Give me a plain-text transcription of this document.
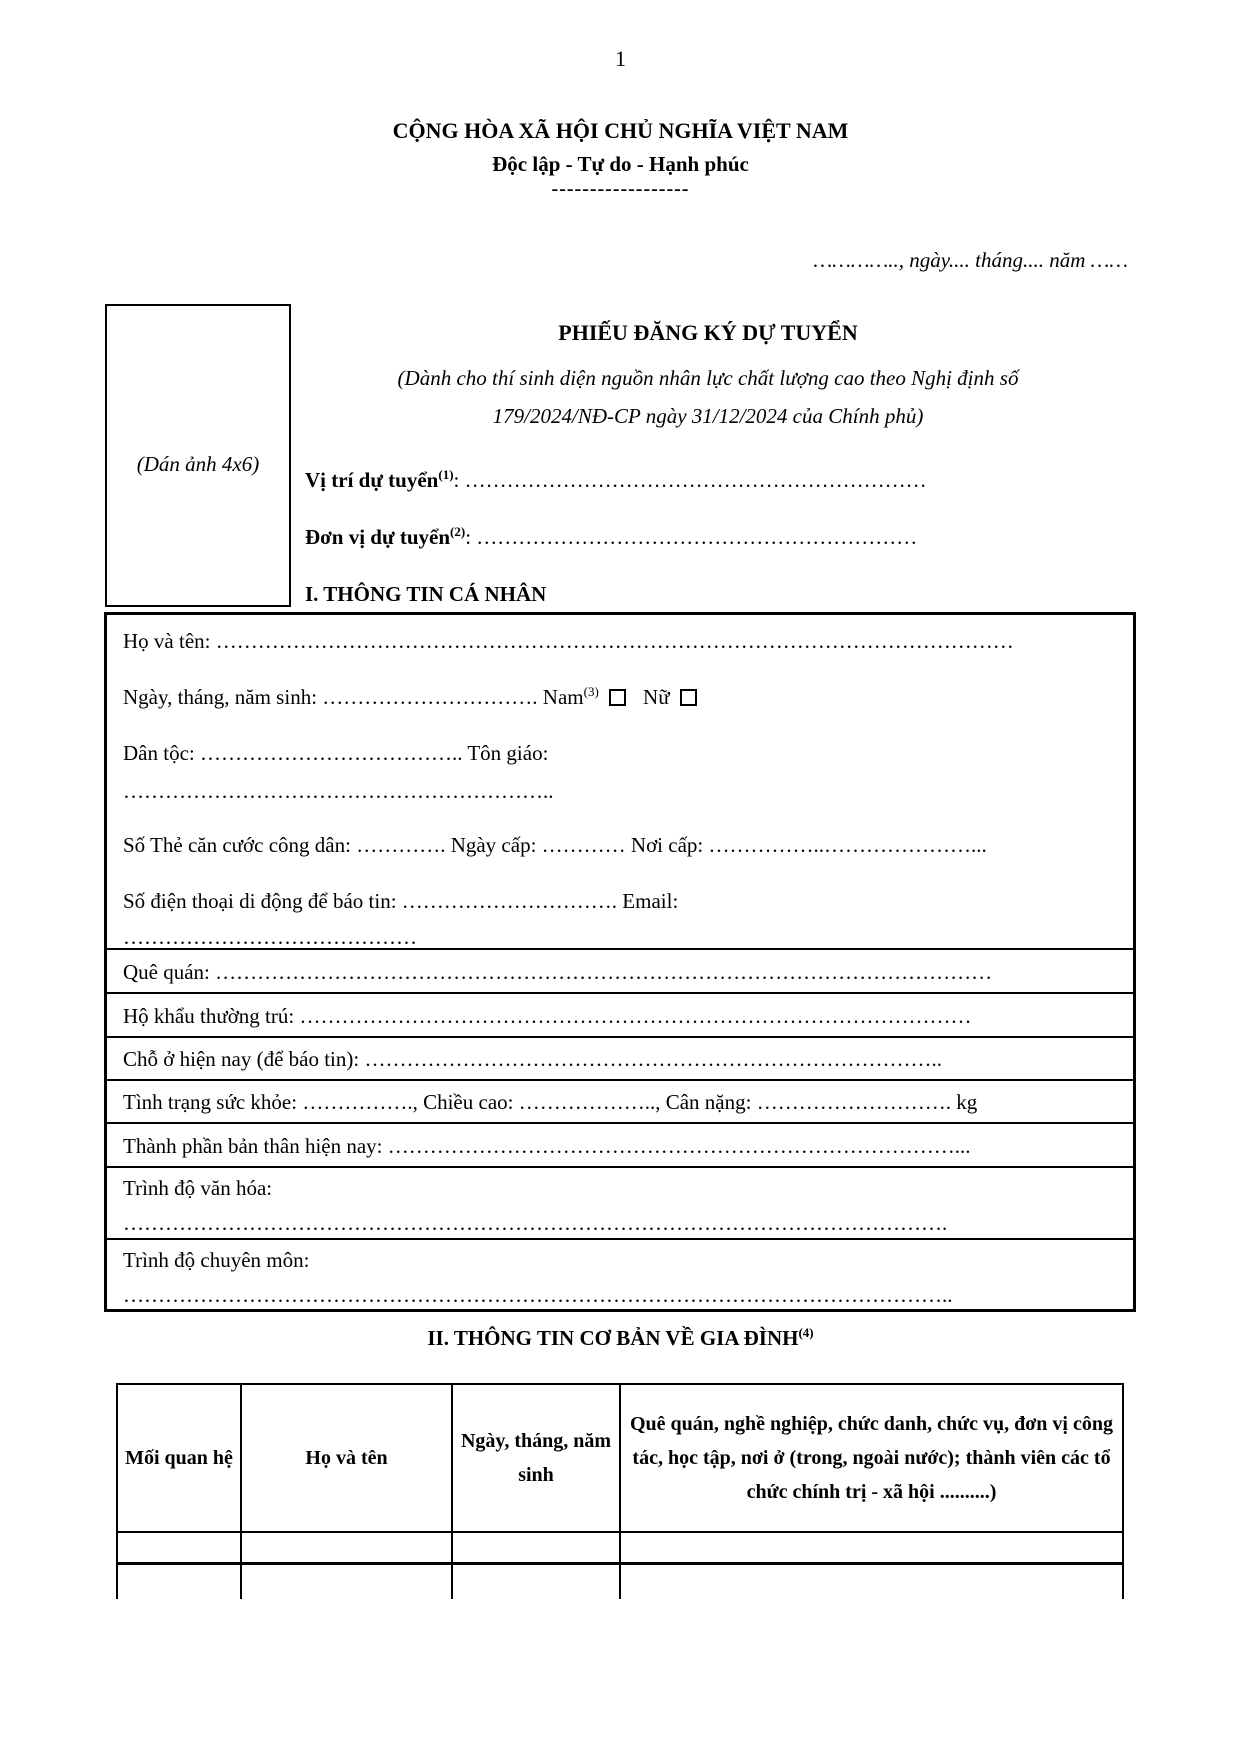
1
CỘNG HÒA XÃ HỘI CHỦ NGHĨA VIỆT NAM
Độc lập - Tự do - Hạnh phúc
------------------
………….., ngày.... tháng.... năm ……
(Dán ảnh 4x6)
PHIẾU ĐĂNG KÝ DỰ TUYỂN
(Dành cho thí sinh diện nguồn nhân lực chất lượng cao theo Nghị định số
179/2024/NĐ-CP ngày 31/12/2024 của Chính phủ)
Vị trí dự tuyển$^{(1)}$: …………………………………………………………
Đơn vị dự tuyển$^{(2)}$: ………………………………………………………
I. THÔNG TIN CÁ NHÂN
Họ và tên: ……………………………………………………………………………………………………
Ngày, tháng, năm sinh: …………………………. Nam$^{(3)}$ Nữ
Dân tộc: ……………………………….. Tôn giáo:
……………………………………………………..
Số Thẻ căn cước công dân: …………. Ngày cấp: ………… Nơi cấp: ……………..…………………...
Số điện thoại di động để báo tin: …………………………. Email:
……………………………………
Quê quán: …………………………………………………………………………………………………
Hộ khẩu thường trú: ……………………………………………………………………………………
Chỗ ở hiện nay (để báo tin): ………………………………………………………………………..
Tình trạng sức khỏe: ……………., Chiều cao: ……………….., Cân nặng: ………………………. kg
Thành phần bản thân hiện nay: ………………………………………………………………………...
Trình độ văn hóa:
……………………………………………………………………………………………………….
Trình độ chuyên môn:
………………………………………………………………………………………………………..
II. THÔNG TIN CƠ BẢN VỀ GIA ĐÌNH$^{(4)}$
Mối quan hệ	Họ và tên
Ngày, tháng, năm sinh
Quê quán, nghề nghiệp, chức danh, chức vụ, đơn vị công tác, học tập, nơi ở (trong, ngoài nước); thành viên các tổ chức chính trị - xã hội ..........)
